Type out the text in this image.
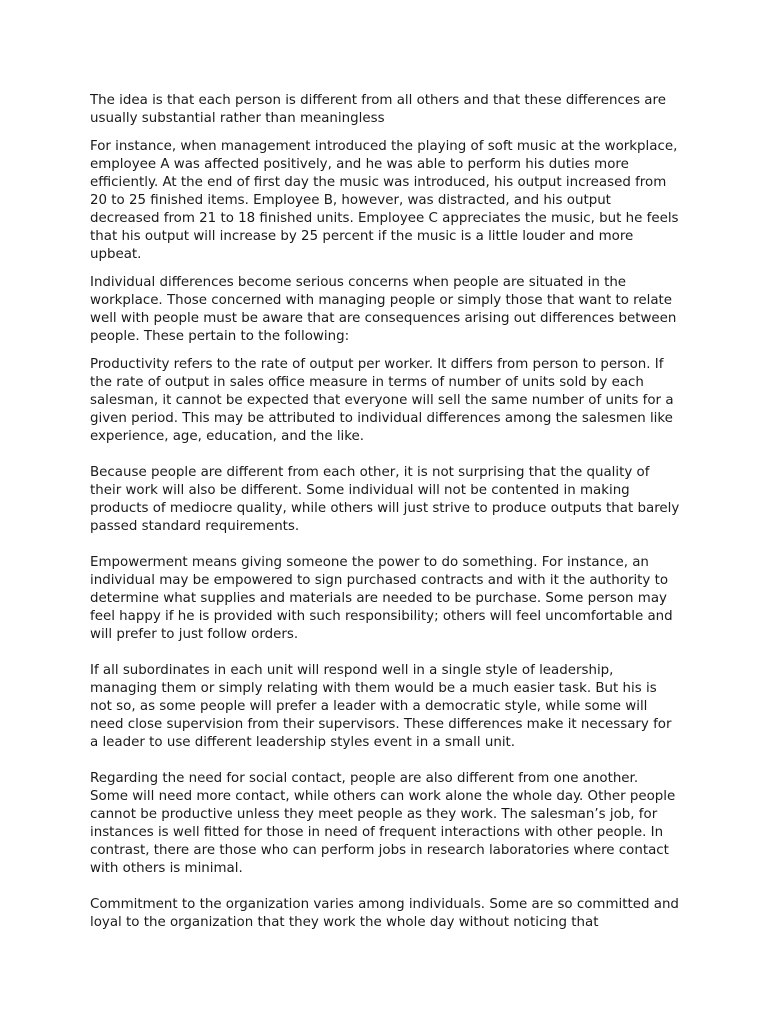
The idea is that each person is different from all others and that these differences are usually substantial rather than meaningless

For instance, when management introduced the playing of soft music at the workplace, employee A was affected positively, and he was able to perform his duties more efficiently. At the end of first day the music was introduced, his output increased from 20 to 25 finished items. Employee B, however, was distracted, and his output decreased from 21 to 18 finished units. Employee C appreciates the music, but he feels that his output will increase by 25 percent if the music is a little louder and more upbeat.

Individual differences become serious concerns when people are situated in the workplace. Those concerned with managing people or simply those that want to relate well with people must be aware that are consequences arising out differences between people. These pertain to the following:

Productivity refers to the rate of output per worker. It differs from person to person. If the rate of output in sales office measure in terms of number of units sold by each salesman, it cannot be expected that everyone will sell the same number of units for a given period. This may be attributed to individual differences among the salesmen like experience, age, education, and the like.

Because people are different from each other, it is not surprising that the quality of their work will also be different. Some individual will not be contented in making products of mediocre quality, while others will just strive to produce outputs that barely passed standard requirements.

Empowerment means giving someone the power to do something. For instance, an individual may be empowered to sign purchased contracts and with it the authority to determine what supplies and materials are needed to be purchase. Some person may feel happy if he is provided with such responsibility; others will feel uncomfortable and will prefer to just follow orders.

If all subordinates in each unit will respond well in a single style of leadership, managing them or simply relating with them would be a much easier task. But his is not so, as some people will prefer a leader with a democratic style, while some will need close supervision from their supervisors. These differences make it necessary for a leader to use different leadership styles event in a small unit.

Regarding the need for social contact, people are also different from one another. Some will need more contact, while others can work alone the whole day. Other people cannot be productive unless they meet people as they work. The salesman’s job, for instances is well fitted for those in need of frequent interactions with other people. In contrast, there are those who can perform jobs in research laboratories where contact with others is minimal.

Commitment to the organization varies among individuals. Some are so committed and loyal to the organization that they work the whole day without noticing that
